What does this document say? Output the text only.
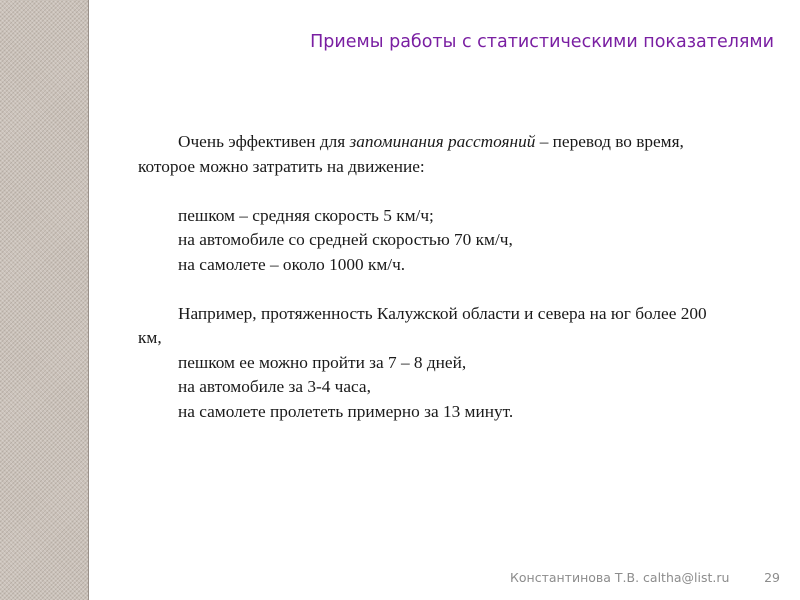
Приемы работы с статистическими показателями

Очень эффективен для запоминания расстояний – перевод во время, которое можно затратить на движение:

пешком – средняя скорость 5 км/ч;

на автомобиле со средней скоростью 70 км/ч,

на самолете – около 1000 км/ч.

Например, протяженность Калужской области и севера на юг более 200 км,

пешком ее можно пройти за 7 – 8 дней,

на автомобиле за 3-4 часа,

на самолете пролететь примерно за 13 минут.

Константинова Т.В. caltha@list.ru	29
